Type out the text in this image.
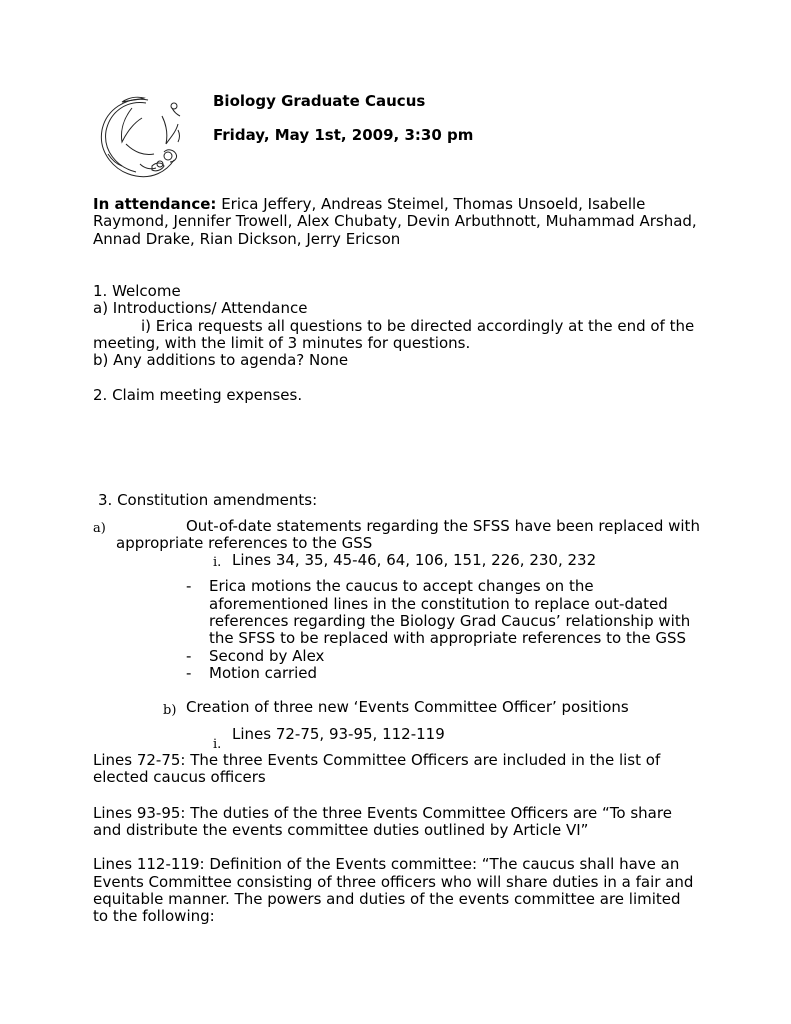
Biology Graduate Caucus
Friday, May 1st, 2009, 3:30 pm
In attendance: Erica Jeffery, Andreas Steimel, Thomas Unsoeld, Isabelle
Raymond, Jennifer Trowell, Alex Chubaty, Devin Arbuthnott, Muhammad Arshad,
Annad Drake, Rian Dickson, Jerry Ericson
1. Welcome
a) Introductions/ Attendance
i) Erica requests all questions to be directed accordingly at the end of the
meeting, with the limit of 3 minutes for questions.
b) Any additions to agenda? None
2. Claim meeting expenses.
3. Constitution amendments:
a)	Out-of-date statements regarding the SFSS have been replaced with
appropriate references to the GSS
i. Lines 34, 35, 45-46, 64, 106, 151, 226, 230, 232
- Erica motions the caucus to accept changes on the
aforementioned lines in the constitution to replace out-dated
references regarding the Biology Grad Caucus’ relationship with
the SFSS to be replaced with appropriate references to the GSS
- Second by Alex
- Motion carried
b) Creation of three new ‘Events Committee Officer’ positions
i.
Lines 72-75, 93-95, 112-119
Lines 72-75: The three Events Committee Officers are included in the list of
elected caucus officers
Lines 93-95: The duties of the three Events Committee Officers are “To share
and distribute the events committee duties outlined by Article VI”
Lines 112-119: Definition of the Events committee: “The caucus shall have an
Events Committee consisting of three officers who will share duties in a fair and
equitable manner. The powers and duties of the events committee are limited
to the following:
